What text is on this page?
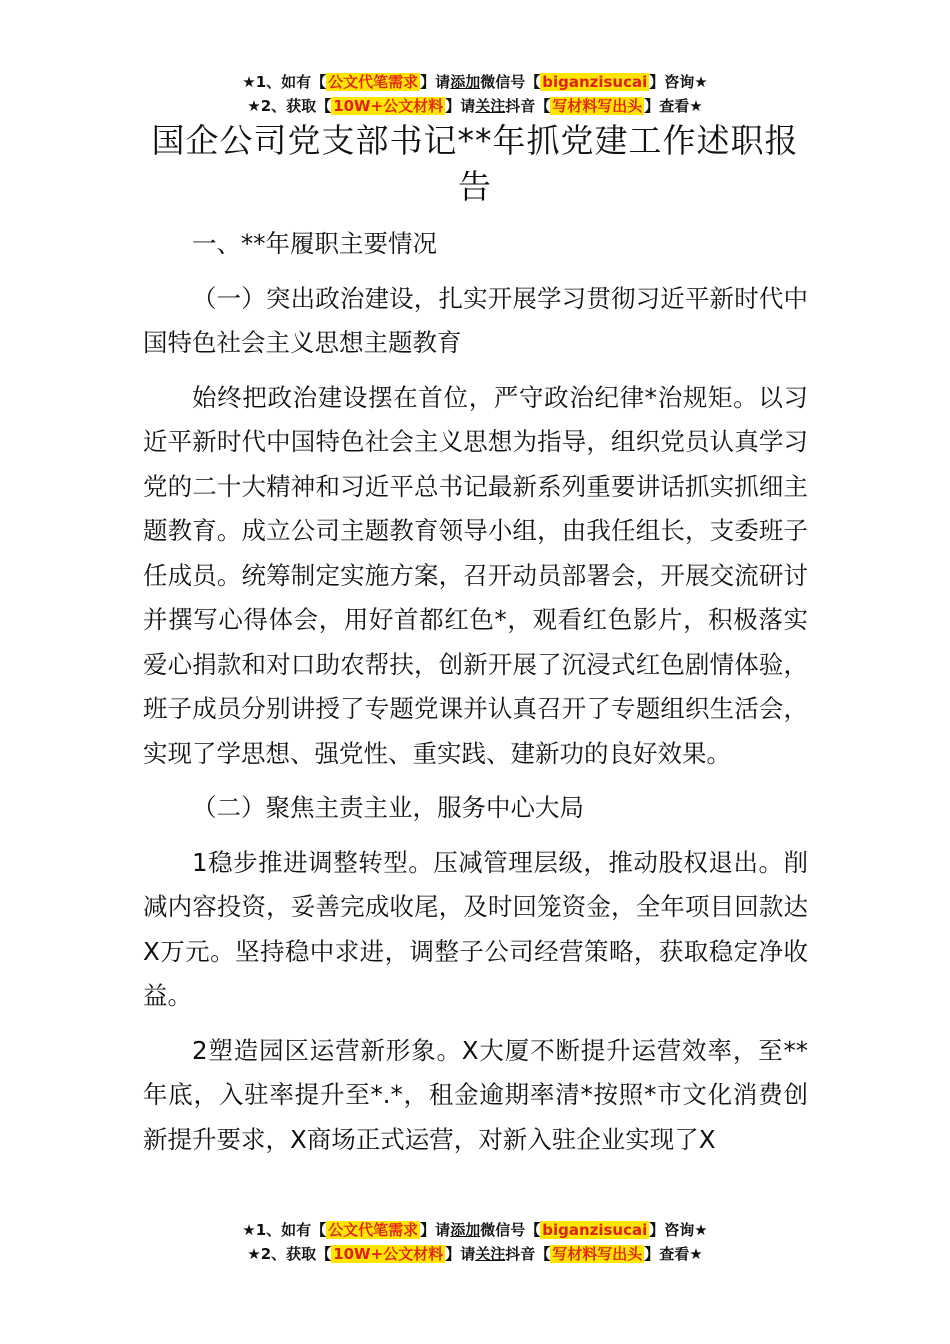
★1、如有【 公文代笔需求 】请添加微信号【 biganzisucai 】咨询★
★2、获取【 10W+公文材料 】请关注抖音【 写材料写出头 】查看★
国企公司党支部书记**年抓党建工作述职报告

一、**年履职主要情况

（一）突出政治建设，扎实开展学习贯彻习近平新时代中国特色社会主义思想主题教育

始终把政治建设摆在首位，严守政治纪律*治规矩。以习近平新时代中国特色社会主义思想为指导，组织党员认真学习党的二十大精神和习近平总书记最新系列重要讲话抓实抓细主题教育。成立公司主题教育领导小组，由我任组长，支委班子任成员。统筹制定实施方案，召开动员部署会，开展交流研讨并撰写心得体会，用好首都红色*，观看红色影片，积极落实爱心捐款和对口助农帮扶，创新开展了沉浸式红色剧情体验，班子成员分别讲授了专题党课并认真召开了专题组织生活会，实现了学思想、强党性、重实践、建新功的良好效果。

（二）聚焦主责主业，服务中心大局

1稳步推进调整转型。压减管理层级，推动股权退出。削减内容投资，妥善完成收尾，及时回笼资金，全年项目回款达X万元。坚持稳中求进，调整子公司经营策略，获取稳定净收益。

2塑造园区运营新形象。X大厦不断提升运营效率，至**年底，入驻率提升至*.*，租金逾期率清*按照*市文化消费创新提升要求，X商场正式运营，对新入驻企业实现了X

★1、如有【 公文代笔需求 】请添加微信号【 biganzisucai 】咨询★
★2、获取【 10W+公文材料 】请关注抖音【 写材料写出头 】查看★
